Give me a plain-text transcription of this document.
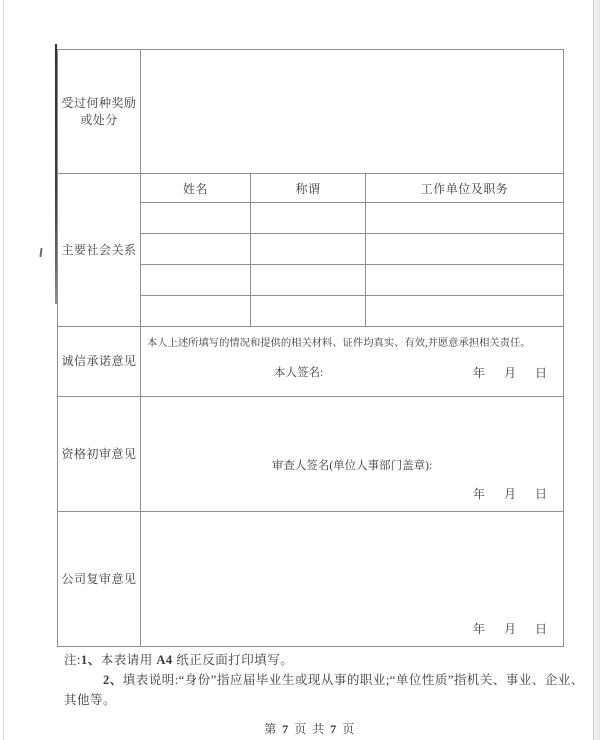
受过何种奖励或处分			
主要社会关系	姓名	称谓	工作单位及职务

诚信承诺意见	本人上述所填写的情况和提供的相关材料、证件均真实、有效,并愿意承担相关责任。
本人签名: 年 月 日		

资格初审意见	审查人签名(单位人事部门盖章):
年 月 日		

公司复审意见	年 月 日		
注:1、本表请用 A4 纸正反面打印填写。
2、填表说明:“身份”指应届毕业生或现从事的职业;“单位性质”指机关、事业、企业、
其他等。
第 7 页 共 7 页
